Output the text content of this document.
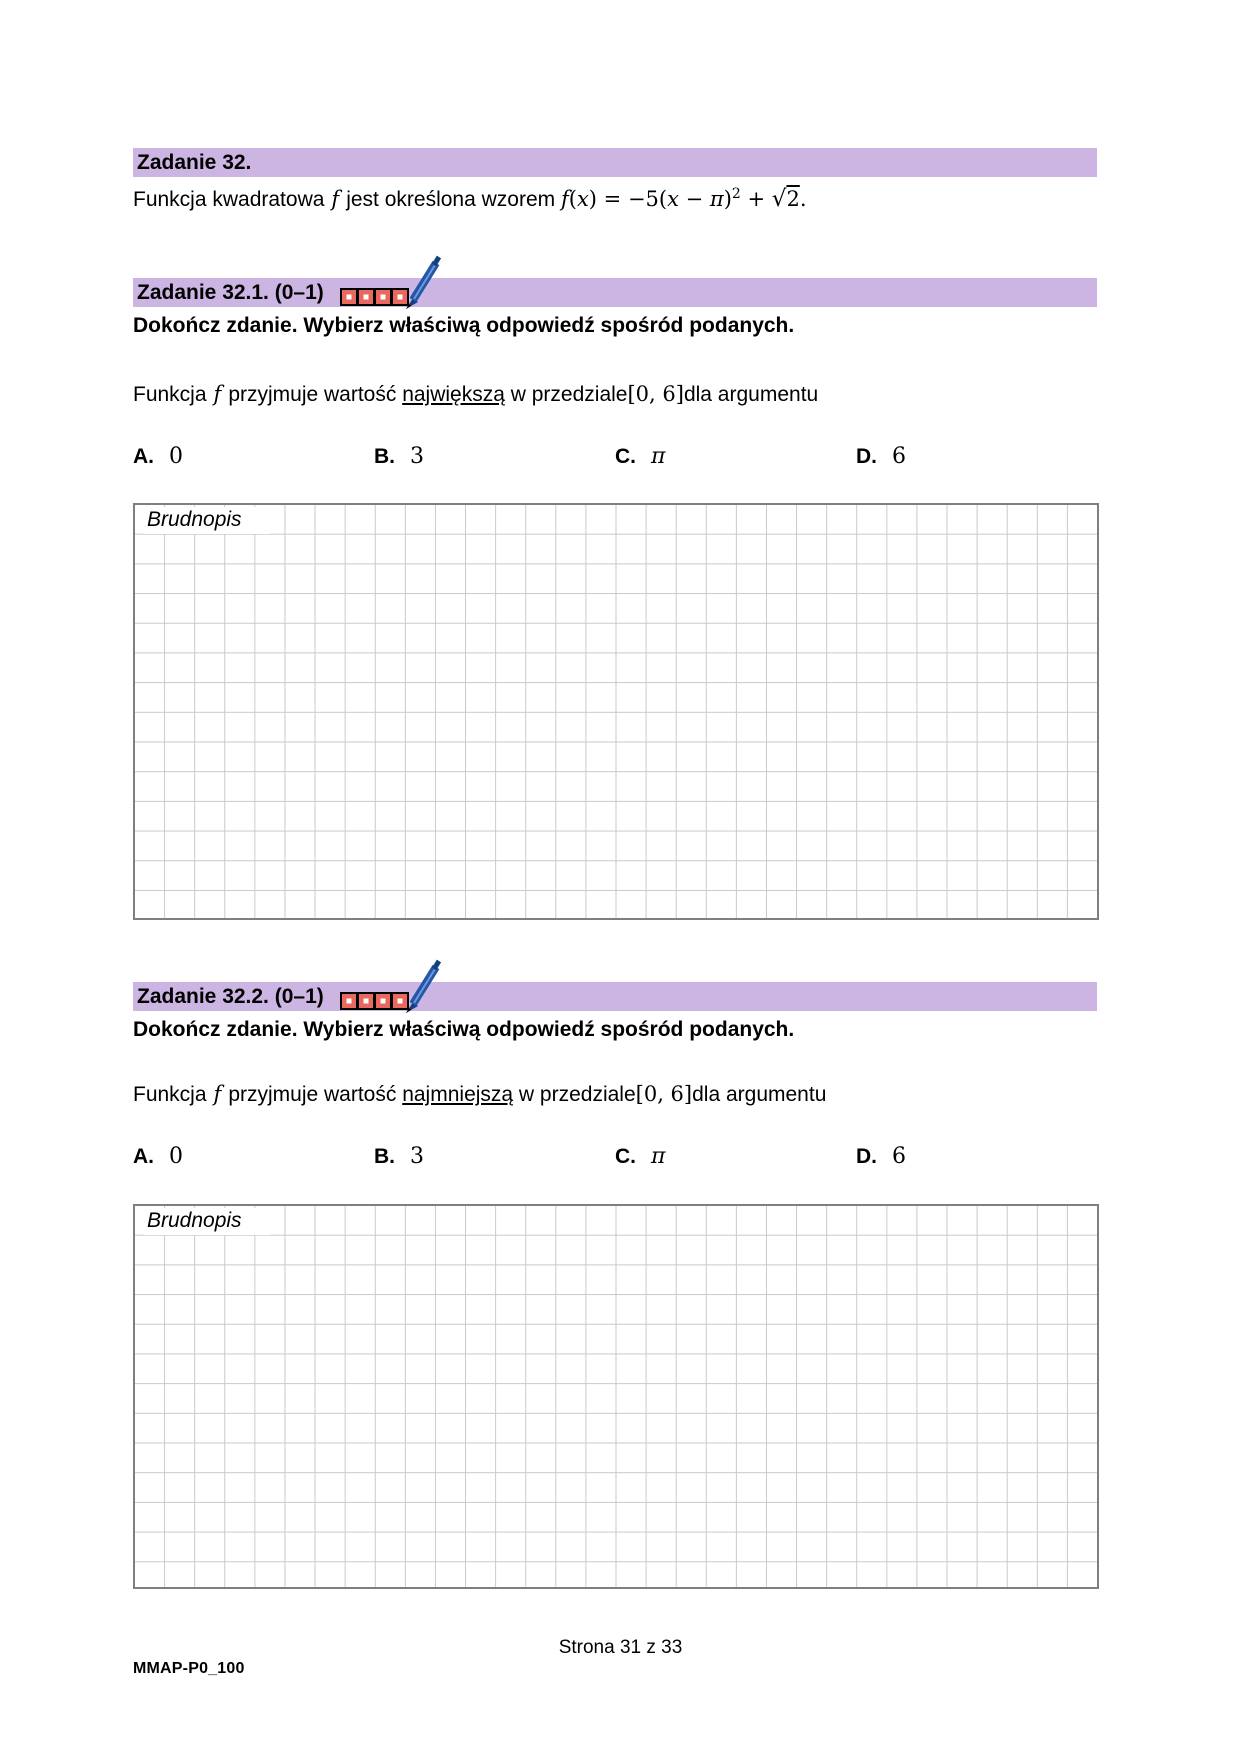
Zadanie 32.
Funkcja kwadratowa f jest określona wzorem $f(x) = -5(x - \pi)^2 + √2$.
Zadanie 32.1. (0–1)
Dokończ zdanie. Wybierz właściwą odpowiedź spośród podanych.
Funkcja f przyjmuje wartość największą w przedziale[0, 6]dla argumentu
A. 0	B. 3	C. π	D. 6
Brudnopis
Zadanie 32.2. (0–1)
Dokończ zdanie. Wybierz właściwą odpowiedź spośród podanych.
Funkcja f przyjmuje wartość najmniejszą w przedziale[0, 6]dla argumentu
A. 0	B. 3	C. π	D. 6
Brudnopis
Strona 31 z 33
MMAP-P0_100
